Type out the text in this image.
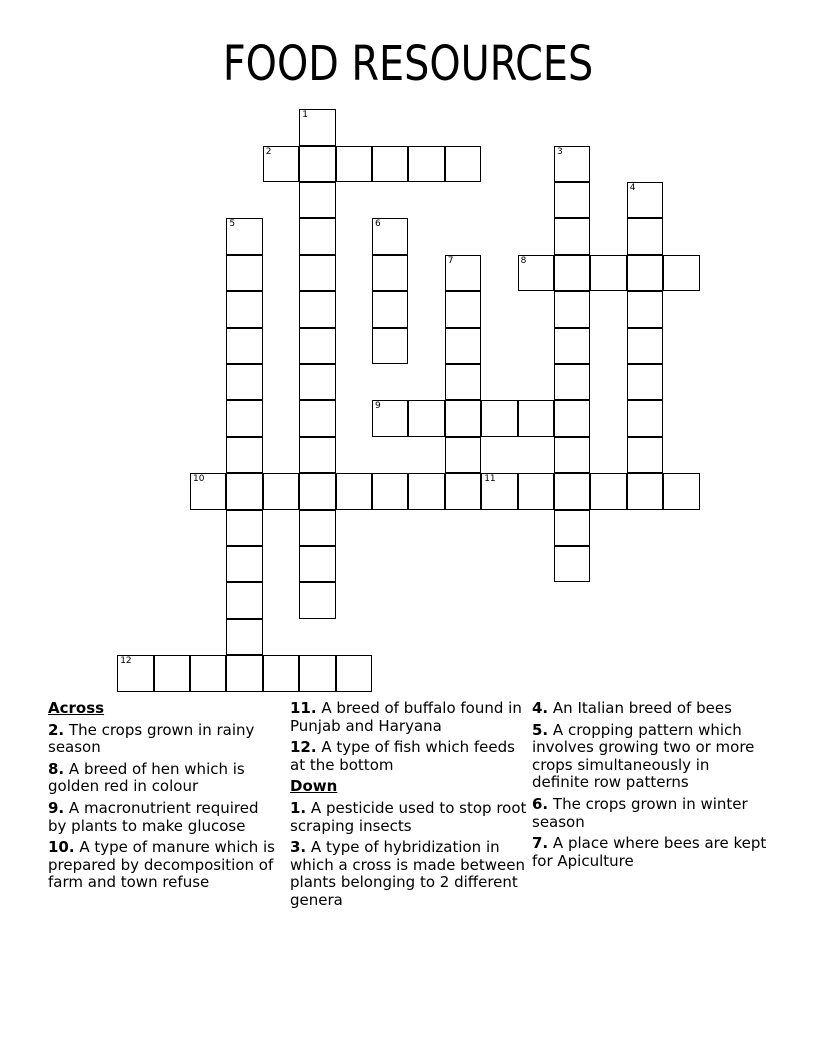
FOOD RESOURCES
2
8
9
10	11
12
1
3
4
5	6
7
Across
2. The crops grown in rainy season
8. A breed of hen which is golden red in colour
9. A macronutrient required by plants to make glucose
10. A type of manure which is prepared by decomposition of farm and town refuse
11. A breed of buffalo found in Punjab and Haryana
12. A type of fish which feeds at the bottom
Down
1. A pesticide used to stop root scraping insects
3. A type of hybridization in which a cross is made between plants belonging to 2 different genera
4. An Italian breed of bees
5. A cropping pattern which involves growing two or more crops simultaneously in definite row patterns
6. The crops grown in winter season
7. A place where bees are kept for Apiculture
